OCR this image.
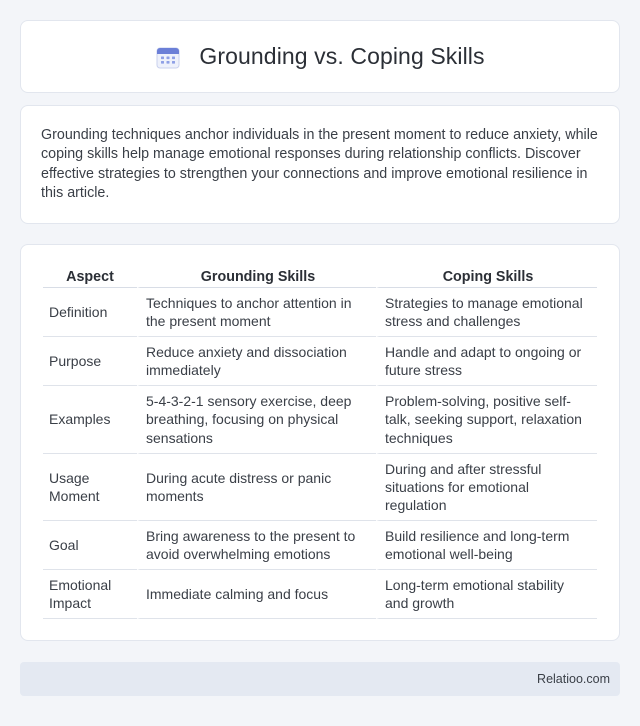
Grounding vs. Coping Skills

Grounding techniques anchor individuals in the present moment to reduce anxiety, while coping skills help manage emotional responses during relationship conflicts. Discover effective strategies to strengthen your connections and improve emotional resilience in this article.

Aspect	Grounding Skills	Coping Skills
Definition	Techniques to anchor attention in the present moment	Strategies to manage emotional stress and challenges
Purpose	Reduce anxiety and dissociation immediately	Handle and adapt to ongoing or future stress
Examples	5-4-3-2-1 sensory exercise, deep breathing, focusing on physical sensations	Problem-solving, positive self-talk, seeking support, relaxation techniques
Usage Moment	During acute distress or panic moments	During and after stressful situations for emotional regulation
Goal	Bring awareness to the present to avoid overwhelming emotions	Build resilience and long-term emotional well-being
Emotional Impact	Immediate calming and focus	Long-term emotional stability and growth
Relatioo.com
